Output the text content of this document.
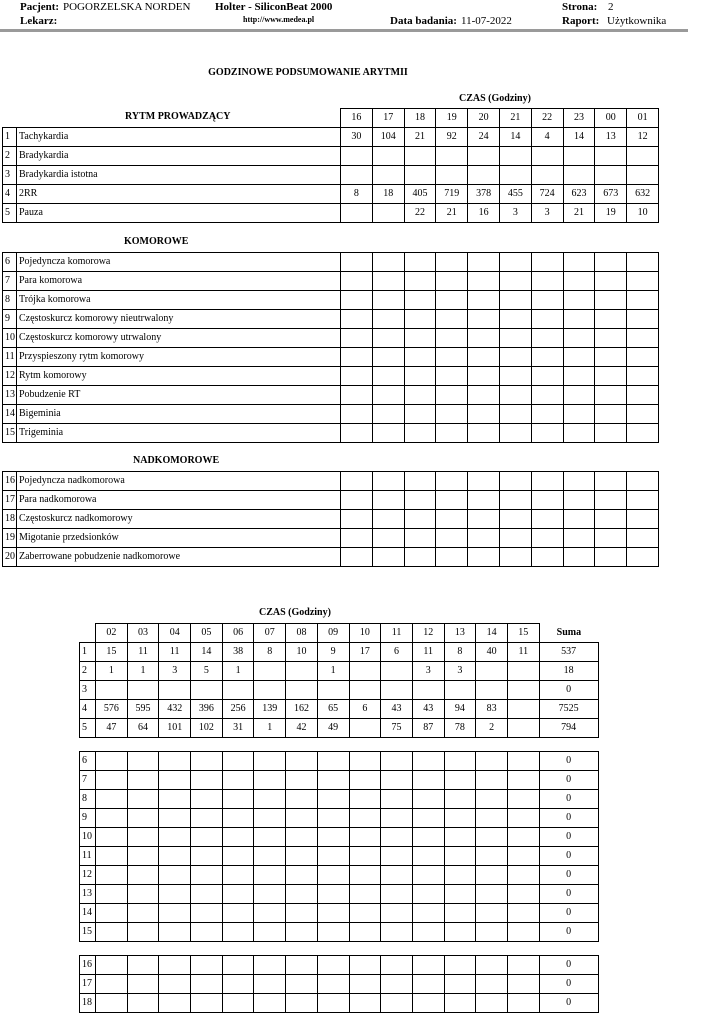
Pacjent: POGORZELSKA NORDEN Holter - SiliconBeat 2000	Strona: 2
Lekarz:	http://www.medea.pl	Data badania: 11-07-2022	Raport: Użytkownika
GODZINOWE PODSUMOWANIE ARYTMII
CZAS (Godziny)
RYTM PROWADZĄCY
		16	17	18	19	20	21	22	23	00	01
1	Tachykardia	30	104	21	92	24	14	4	14	13	12
2	Bradykardia										
3	Bradykardia istotna										
4	2RR	8	18	405	719	378	455	724	623	673	632
5	Pauza			22	21	16	3	3	21	19	10
KOMOROWE
6	Pojedyncza komorowa										
7	Para komorowa										
8	Trójka komorowa										
9	Częstoskurcz komorowy nieutrwalony										
10	Częstoskurcz komorowy utrwalony										
11	Przyspieszony rytm komorowy										
12	Rytm komorowy										
13	Pobudzenie RT										
14	Bigeminia										
15	Trigeminia										
NADKOMOROWE
16	Pojedyncza nadkomorowa										
17	Para nadkomorowa										
18	Częstoskurcz nadkomorowy										
19	Migotanie przedsionków										
20	Zaberrowane pobudzenie nadkomorowe										
CZAS (Godziny)
	02	03	04	05	06	07	08	09	10	11	12	13	14	15	Suma
1	15	11	11	14	38	8	10	9	17	6	11	8	40	11	537
2	1	1	3	5	1			1			3	3			18
3															0
4	576	595	432	396	256	139	162	65	6	43	43	94	83		7525
5	47	64	101	102	31	1	42	49		75	87	78	2		794
6															0
7															0
8															0
9															0
10															0
11															0
12															0
13															0
14															0
15															0
16															0
17															0
18															0
